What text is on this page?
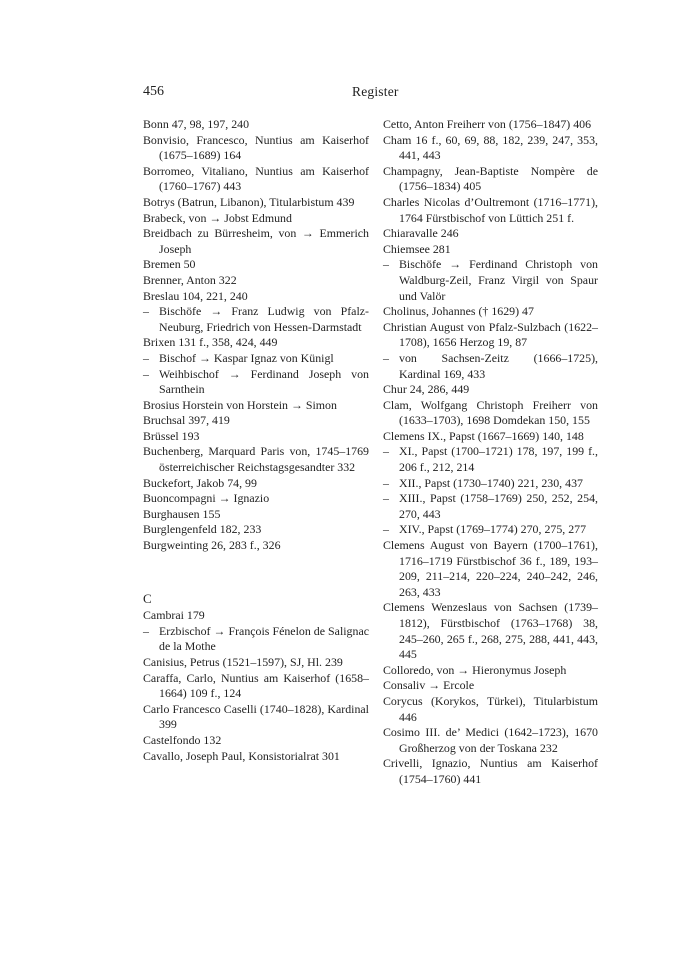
456	Register

Bonn 47, 98, 197, 240

Bonvisio, Francesco, Nuntius am Kaiserhof (1675–1689) 164

Borromeo, Vitaliano, Nuntius am Kaiserhof (1760–1767) 443

Botrys (Batrun, Libanon), Titularbistum 439

Brabeck, von → Jobst Edmund

Breidbach zu Bürresheim, von → Emmerich Joseph

Bremen 50

Brenner, Anton 322

Breslau 104, 221, 240

– Bischöfe → Franz Ludwig von Pfalz-Neuburg, Friedrich von Hessen-Darmstadt

Brixen 131 f., 358, 424, 449

– Bischof → Kaspar Ignaz von Künigl

– Weihbischof → Ferdinand Joseph von Sarnthein

Brosius Horstein von Horstein → Simon

Bruchsal 397, 419

Brüssel 193

Buchenberg, Marquard Paris von, 1745–1769 österreichischer Reichstagsgesandter 332

Buckefort, Jakob 74, 99

Buoncompagni → Ignazio

Burghausen 155

Burglengenfeld 182, 233

Burgweinting 26, 283 f., 326

C

Cambrai 179

– Erzbischof → François Fénelon de Salignac de la Mothe

Canisius, Petrus (1521–1597), SJ, Hl. 239

Caraffa, Carlo, Nuntius am Kaiserhof (1658–1664) 109 f., 124

Carlo Francesco Caselli (1740–1828), Kardinal 399

Castelfondo 132

Cavallo, Joseph Paul, Konsistorialrat 301

Cetto, Anton Freiherr von (1756–1847) 406

Cham 16 f., 60, 69, 88, 182, 239, 247, 353, 441, 443

Champagny, Jean-Baptiste Nompère de (1756–1834) 405

Charles Nicolas d’Oultremont (1716–1771), 1764 Fürstbischof von Lüttich 251 f.

Chiaravalle 246

Chiemsee 281

– Bischöfe → Ferdinand Christoph von Waldburg-Zeil, Franz Virgil von Spaur und Valör

Cholinus, Johannes († 1629) 47

Christian August von Pfalz-Sulzbach (1622–1708), 1656 Herzog 19, 87

– von Sachsen-Zeitz (1666–1725), Kardinal 169, 433

Chur 24, 286, 449

Clam, Wolfgang Christoph Freiherr von (1633–1703), 1698 Domdekan 150, 155

Clemens IX., Papst (1667–1669) 140, 148

– XI., Papst (1700–1721) 178, 197, 199 f., 206 f., 212, 214

– XII., Papst (1730–1740) 221, 230, 437

– XIII., Papst (1758–1769) 250, 252, 254, 270, 443

– XIV., Papst (1769–1774) 270, 275, 277

Clemens August von Bayern (1700–1761), 1716–1719 Fürstbischof 36 f., 189, 193–209, 211–214, 220–224, 240–242, 246, 263, 433

Clemens Wenzeslaus von Sachsen (1739–1812), Fürstbischof (1763–1768) 38, 245–260, 265 f., 268, 275, 288, 441, 443, 445

Colloredo, von → Hieronymus Joseph

Consaliv → Ercole

Corycus (Korykos, Türkei), Titularbistum 446

Cosimo III. de’ Medici (1642–1723), 1670 Großherzog von der Toskana 232

Crivelli, Ignazio, Nuntius am Kaiserhof (1754–1760) 441
